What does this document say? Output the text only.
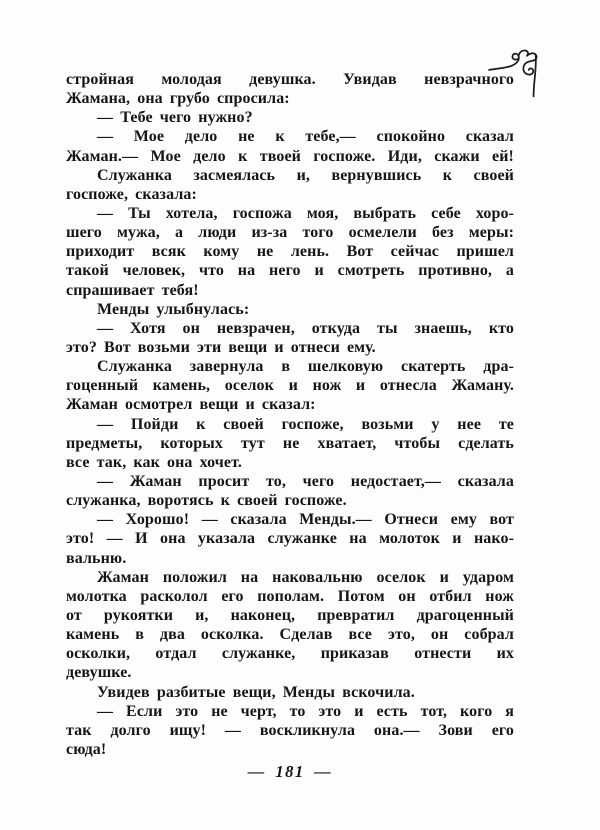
стройная молодая девушка. Увидав невзрачного
Жамана, она грубо спросила:
— Тебе чего нужно?
— Мое дело не к тебе,— спокойно сказал
Жаман.— Мое дело к твоей госпоже. Иди, скажи ей!
Служанка засмеялась и, вернувшись к своей
госпоже, сказала:
— Ты хотела, госпожа моя, выбрать себе хоро-
шего мужа, а люди из-за того осмелели без меры:
приходит всяк кому не лень. Вот сейчас пришел
такой человек, что на него и смотреть противно, а
спрашивает тебя!
Менды улыбнулась:
— Хотя он невзрачен, откуда ты знаешь, кто
это? Вот возьми эти вещи и отнеси ему.
Служанка завернула в шелковую скатерть дра-
гоценный камень, оселок и нож и отнесла Жаману.
Жаман осмотрел вещи и сказал:
— Пойди к своей госпоже, возьми у нее те
предметы, которых тут не хватает, чтобы сделать
все так, как она хочет.
— Жаман просит то, чего недостает,— сказала
служанка, воротясь к своей госпоже.
— Хорошо! — сказала Менды.— Отнеси ему вот
это! — И она указала служанке на молоток и нако-
вальню.
Жаман положил на наковальню оселок и ударом
молотка расколол его пополам. Потом он отбил нож
от рукоятки и, наконец, превратил драгоценный
камень в два осколка. Сделав все это, он собрал
осколки, отдал служанке, приказав отнести их
девушке.
Увидев разбитые вещи, Менды вскочила.
— Если это не черт, то это и есть тот, кого я
так долго ищу! — воскликнула она.— Зови его
сюда!
— 181 —
